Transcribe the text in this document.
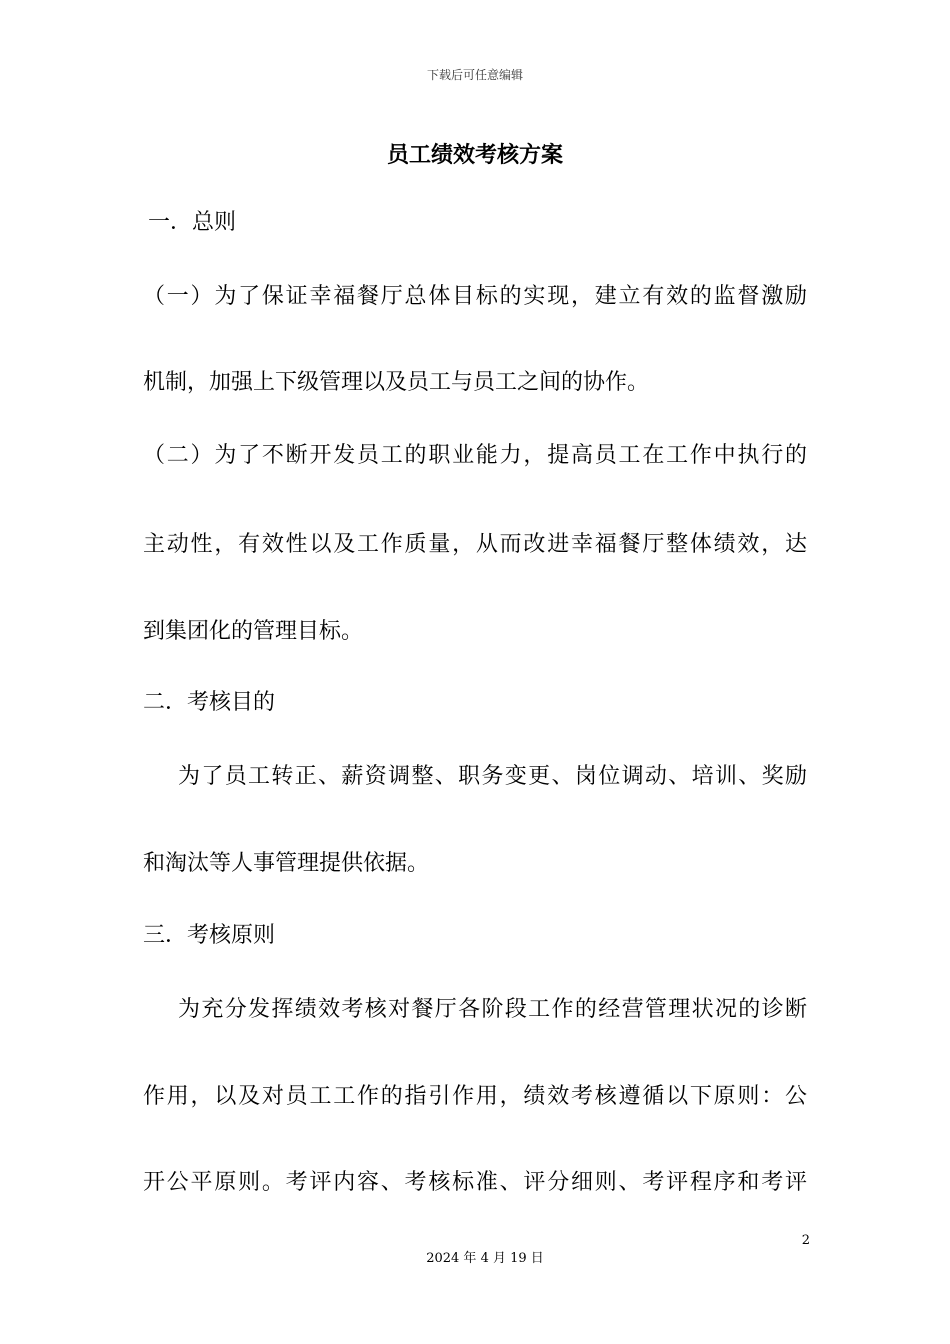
下载后可任意编辑
员工绩效考核方案
一．总则
（一）为了保证幸福餐厅总体目标的实现，建立有效的监督激励
机制，加强上下级管理以及员工与员工之间的协作。
（二）为了不断开发员工的职业能力，提高员工在工作中执行的
主动性，有效性以及工作质量，从而改进幸福餐厅整体绩效，达
到集团化的管理目标。
二．考核目的
为了员工转正、薪资调整、职务变更、岗位调动、培训、奖励
和淘汰等人事管理提供依据。
三．考核原则
为充分发挥绩效考核对餐厅各阶段工作的经营管理状况的诊断
作用，以及对员工工作的指引作用，绩效考核遵循以下原则：公
开公平原则。考评内容、考核标准、评分细则、考评程序和考评
2
2024 年 4 月 19 日
